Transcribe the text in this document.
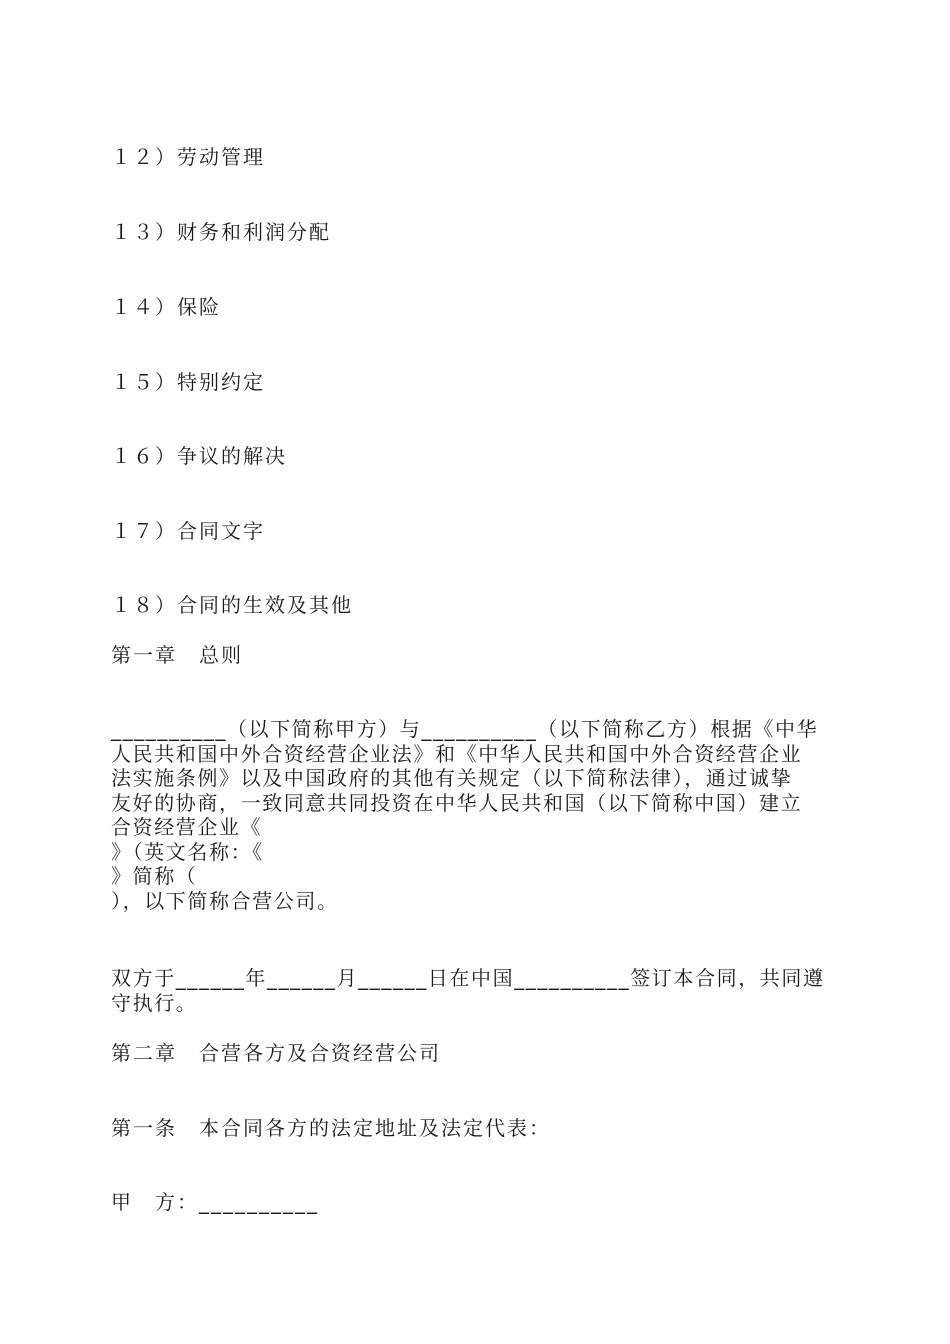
１２）劳动管理
１３）财务和利润分配
１４）保险
１５）特别约定
１６）争议的解决
１７）合同文字
１８）合同的生效及其他
第一章　总则
__________（以下简称甲方）与__________（以下简称乙方）根据《中华
人民共和国中外合资经营企业法》和《中华人民共和国中外合资经营企业
法实施条例》以及中国政府的其他有关规定（以下简称法律），通过诚挚
友好的协商，一致同意共同投资在中华人民共和国（以下简称中国）建立
合资经营企业《
》（英文名称：《
》简称（
），以下简称合营公司。
双方于______年______月______日在中国__________签订本合同，共同遵
守执行。
第二章　合营各方及合资经营公司
第一条　本合同各方的法定地址及法定代表：
甲　方：__________
